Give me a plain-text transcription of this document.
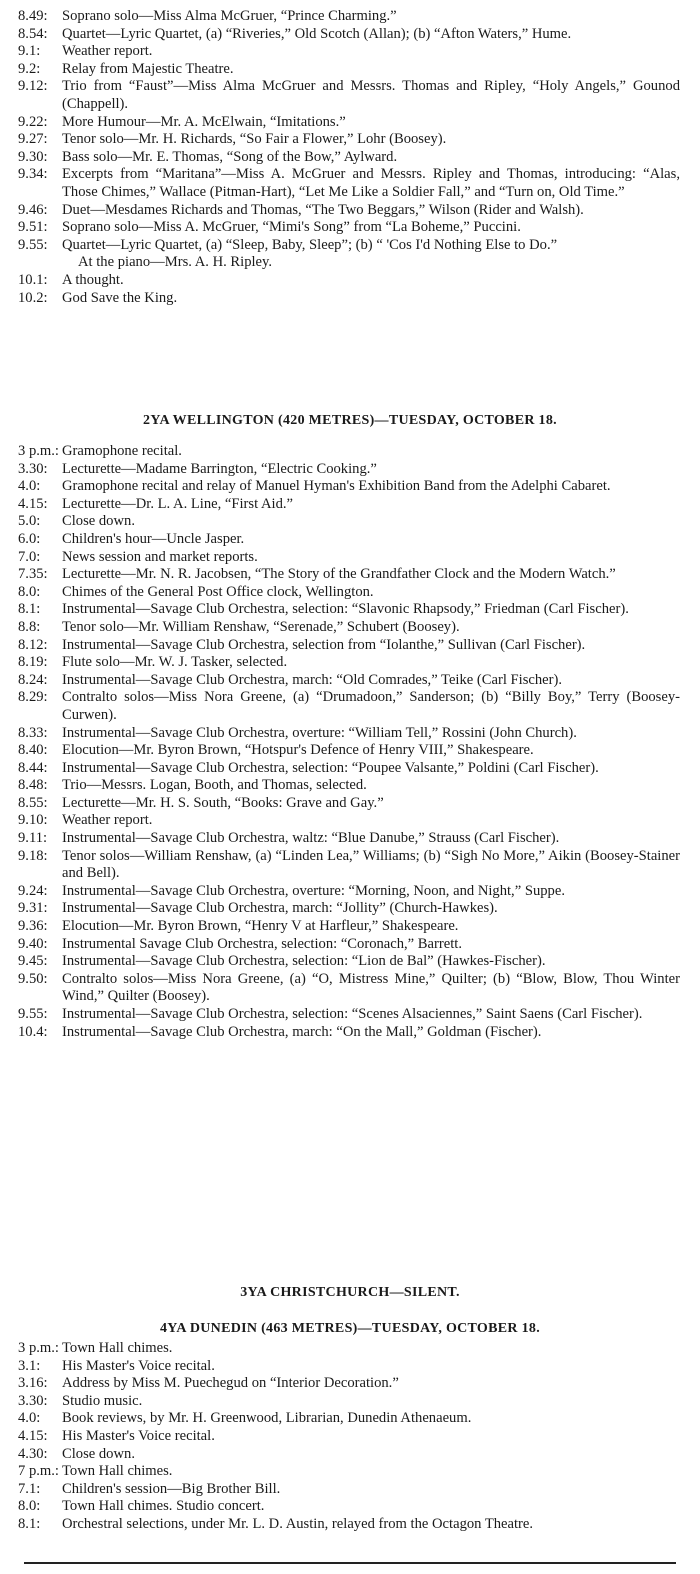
8.49: Soprano solo—Miss Alma McGruer, “Prince Charming.”
8.54: Quartet—Lyric Quartet, (a) “Riveries,” Old Scotch (Allan); (b) “Afton Waters,” Hume.
9.1:	Weather report.
9.2:	Relay from Majestic Theatre.
9.12: Trio from “Faust”—Miss Alma McGruer and Messrs. Thomas and Ripley, “Holy Angels,” Gounod (Chappell).
9.22: More Humour—Mr. A. McElwain, “Imitations.”
9.27: Tenor solo—Mr. H. Richards, “So Fair a Flower,” Lohr (Boosey).
9.30: Bass solo—Mr. E. Thomas, “Song of the Bow,” Aylward.
9.34: Excerpts from “Maritana”—Miss A. McGruer and Messrs. Ripley and Thomas, introducing: “Alas, Those Chimes,” Wallace (Pitman-Hart), “Let Me Like a Soldier Fall,” and “Turn on, Old Time.”
9.46: Duet—Mesdames Richards and Thomas, “The Two Beggars,” Wilson (Rider and Walsh).
9.51: Soprano solo—Miss A. McGruer, “Mimi's Song” from “La Boheme,” Puccini.
9.55: Quartet—Lyric Quartet, (a) “Sleep, Baby, Sleep”; (b) “ 'Cos I'd Nothing Else to Do.”
At the piano—Mrs. A. H. Ripley.
10.1: A thought.
10.2: God Save the King.
2YA WELLINGTON (420 METRES)—TUESDAY, OCTOBER 18.
3 p.m.: Gramophone recital.
3.30: Lecturette—Madame Barrington, “Electric Cooking.”
4.0:	Gramophone recital and relay of Manuel Hyman's Exhibition Band from the Adelphi Cabaret.
4.15: Lecturette—Dr. L. A. Line, “First Aid.”
5.0:	Close down.
6.0:	Children's hour—Uncle Jasper.
7.0:	News session and market reports.
7.35: Lecturette—Mr. N. R. Jacobsen, “The Story of the Grandfather Clock and the Modern Watch.”
8.0:	Chimes of the General Post Office clock, Wellington.
8.1:	Instrumental—Savage Club Orchestra, selection: “Slavonic Rhapsody,” Friedman (Carl Fischer).
8.8:	Tenor solo—Mr. William Renshaw, “Serenade,” Schubert (Boosey).
8.12: Instrumental—Savage Club Orchestra, selection from “Iolanthe,” Sullivan (Carl Fischer).
8.19: Flute solo—Mr. W. J. Tasker, selected.
8.24: Instrumental—Savage Club Orchestra, march: “Old Comrades,” Teike (Carl Fischer).
8.29: Contralto solos—Miss Nora Greene, (a) “Drumadoon,” Sanderson; (b) “Billy Boy,” Terry (Boosey-Curwen).
8.33: Instrumental—Savage Club Orchestra, overture: “William Tell,” Rossini (John Church).
8.40: Elocution—Mr. Byron Brown, “Hotspur's Defence of Henry VIII,” Shakespeare.
8.44: Instrumental—Savage Club Orchestra, selection: “Poupee Valsante,” Poldini (Carl Fischer).
8.48: Trio—Messrs. Logan, Booth, and Thomas, selected.
8.55: Lecturette—Mr. H. S. South, “Books: Grave and Gay.”
9.10: Weather report.
9.11:	Instrumental—Savage Club Orchestra, waltz: “Blue Danube,” Strauss (Carl Fischer).
9.18: Tenor solos—William Renshaw, (a) “Linden Lea,” Williams; (b) “Sigh No More,” Aikin (Boosey-Stainer and Bell).
9.24: Instrumental—Savage Club Orchestra, overture: “Morning, Noon, and Night,” Suppe.
9.31: Instrumental—Savage Club Orchestra, march: “Jollity” (Church-Hawkes).
9.36: Elocution—Mr. Byron Brown, “Henry V at Harfleur,” Shakespeare.
9.40: Instrumental Savage Club Orchestra, selection: “Coronach,” Barrett.
9.45: Instrumental—Savage Club Orchestra, selection: “Lion de Bal” (Hawkes-Fischer).
9.50: Contralto solos—Miss Nora Greene, (a) “O, Mistress Mine,” Quilter; (b) “Blow, Blow, Thou Winter Wind,” Quilter (Boosey).
9.55: Instrumental—Savage Club Orchestra, selection: “Scenes Alsaciennes,” Saint Saens (Carl Fischer).
10.4: Instrumental—Savage Club Orchestra, march: “On the Mall,” Goldman (Fischer).
3YA CHRISTCHURCH—SILENT.
4YA DUNEDIN (463 METRES)—TUESDAY, OCTOBER 18.
3 p.m.: Town Hall chimes.
3.1:	His Master's Voice recital.
3.16: Address by Miss M. Puechegud on “Interior Decoration.”
3.30: Studio music.
4.0:	Book reviews, by Mr. H. Greenwood, Librarian, Dunedin Athenaeum.
4.15: His Master's Voice recital.
4.30: Close down.
7 p.m.: Town Hall chimes.
7.1:	Children's session—Big Brother Bill.
8.0:	Town Hall chimes. Studio concert.
8.1:	Orchestral selections, under Mr. L. D. Austin, relayed from the Octagon Theatre.
